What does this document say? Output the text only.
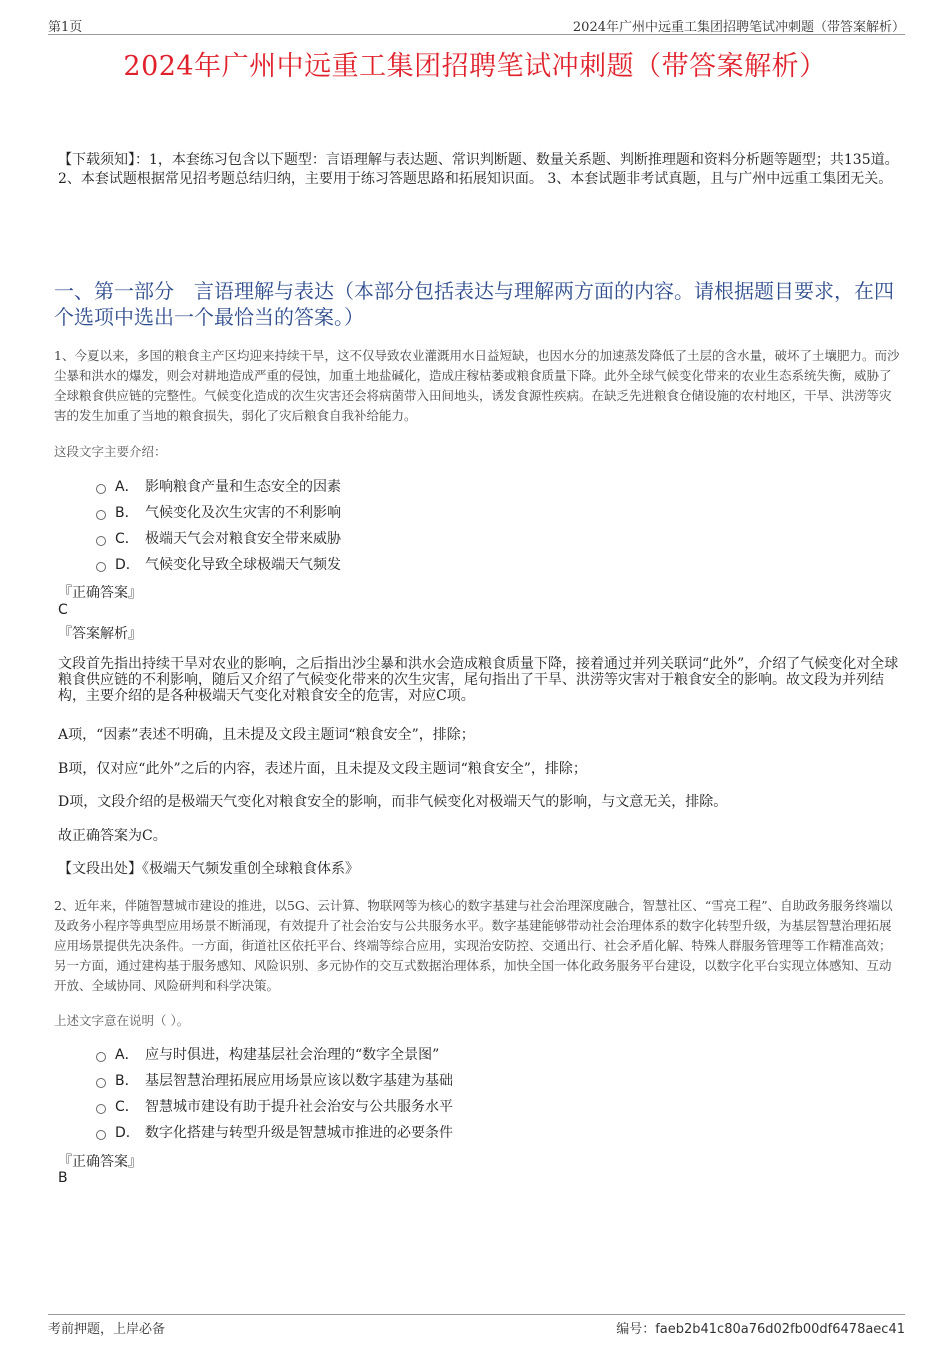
第1页	2024年广州中远重工集团招聘笔试冲刺题（带答案解析）
2024年广州中远重工集团招聘笔试冲刺题（带答案解析）
【下载须知】：1，本套练习包含以下题型：言语理解与表达题、常识判断题、数量关系题、判断推理题和资料分析题等题型；共135道。 2、本套试题根据常见招考题总结归纳，主要用于练习答题思路和拓展知识面。 3、本套试题非考试真题，且与广州中远重工集团无关。
一、第一部分　言语理解与表达（本部分包括表达与理解两方面的内容。请根据题目要求，在四个选项中选出一个最恰当的答案。）
1、今夏以来，多国的粮食主产区均迎来持续干旱，这不仅导致农业灌溉用水日益短缺，也因水分的加速蒸发降低了土层的含水量，破坏了土壤肥力。而沙尘暴和洪水的爆发，则会对耕地造成严重的侵蚀，加重土地盐碱化，造成庄稼枯萎或粮食质量下降。此外全球气候变化带来的农业生态系统失衡，威胁了全球粮食供应链的完整性。气候变化造成的次生灾害还会将病菌带入田间地头，诱发食源性疾病。在缺乏先进粮食仓储设施的农村地区，干旱、洪涝等灾害的发生加重了当地的粮食损失，弱化了灾后粮食自我补给能力。
这段文字主要介绍：
A． 影响粮食产量和生态安全的因素
B． 气候变化及次生灾害的不利影响
C． 极端天气会对粮食安全带来威胁
D． 气候变化导致全球极端天气频发
『正确答案』
C
『答案解析』
文段首先指出持续干旱对农业的影响，之后指出沙尘暴和洪水会造成粮食质量下降，接着通过并列关联词“此外”，介绍了气候变化对全球粮食供应链的不利影响，随后又介绍了气候变化带来的次生灾害，尾句指出了干旱、洪涝等灾害对于粮食安全的影响。故文段为并列结构，主要介绍的是各种极端天气变化对粮食安全的危害，对应C项。
A项，“因素”表述不明确，且未提及文段主题词“粮食安全”，排除；
B项，仅对应“此外”之后的内容，表述片面，且未提及文段主题词“粮食安全”，排除；
D项，文段介绍的是极端天气变化对粮食安全的影响，而非气候变化对极端天气的影响，与文意无关，排除。
故正确答案为C。
【文段出处】《极端天气频发重创全球粮食体系》
2、近年来，伴随智慧城市建设的推进，以5G、云计算、物联网等为核心的数字基建与社会治理深度融合，智慧社区、“雪亮工程”、自助政务服务终端以及政务小程序等典型应用场景不断涌现，有效提升了社会治安与公共服务水平。数字基建能够带动社会治理体系的数字化转型升级，为基层智慧治理拓展应用场景提供先决条件。一方面，街道社区依托平台、终端等综合应用，实现治安防控、交通出行、社会矛盾化解、特殊人群服务管理等工作精准高效；另一方面，通过建构基于服务感知、风险识别、多元协作的交互式数据治理体系，加快全国一体化政务服务平台建设，以数字化平台实现立体感知、互动开放、全域协同、风险研判和科学决策。
上述文字意在说明（ ）。
A． 应与时俱进，构建基层社会治理的“数字全景图”
B． 基层智慧治理拓展应用场景应该以数字基建为基础
C． 智慧城市建设有助于提升社会治安与公共服务水平
D． 数字化搭建与转型升级是智慧城市推进的必要条件
『正确答案』
B
考前押题，上岸必备	编号：faeb2b41c80a76d02fb00df6478aec41
